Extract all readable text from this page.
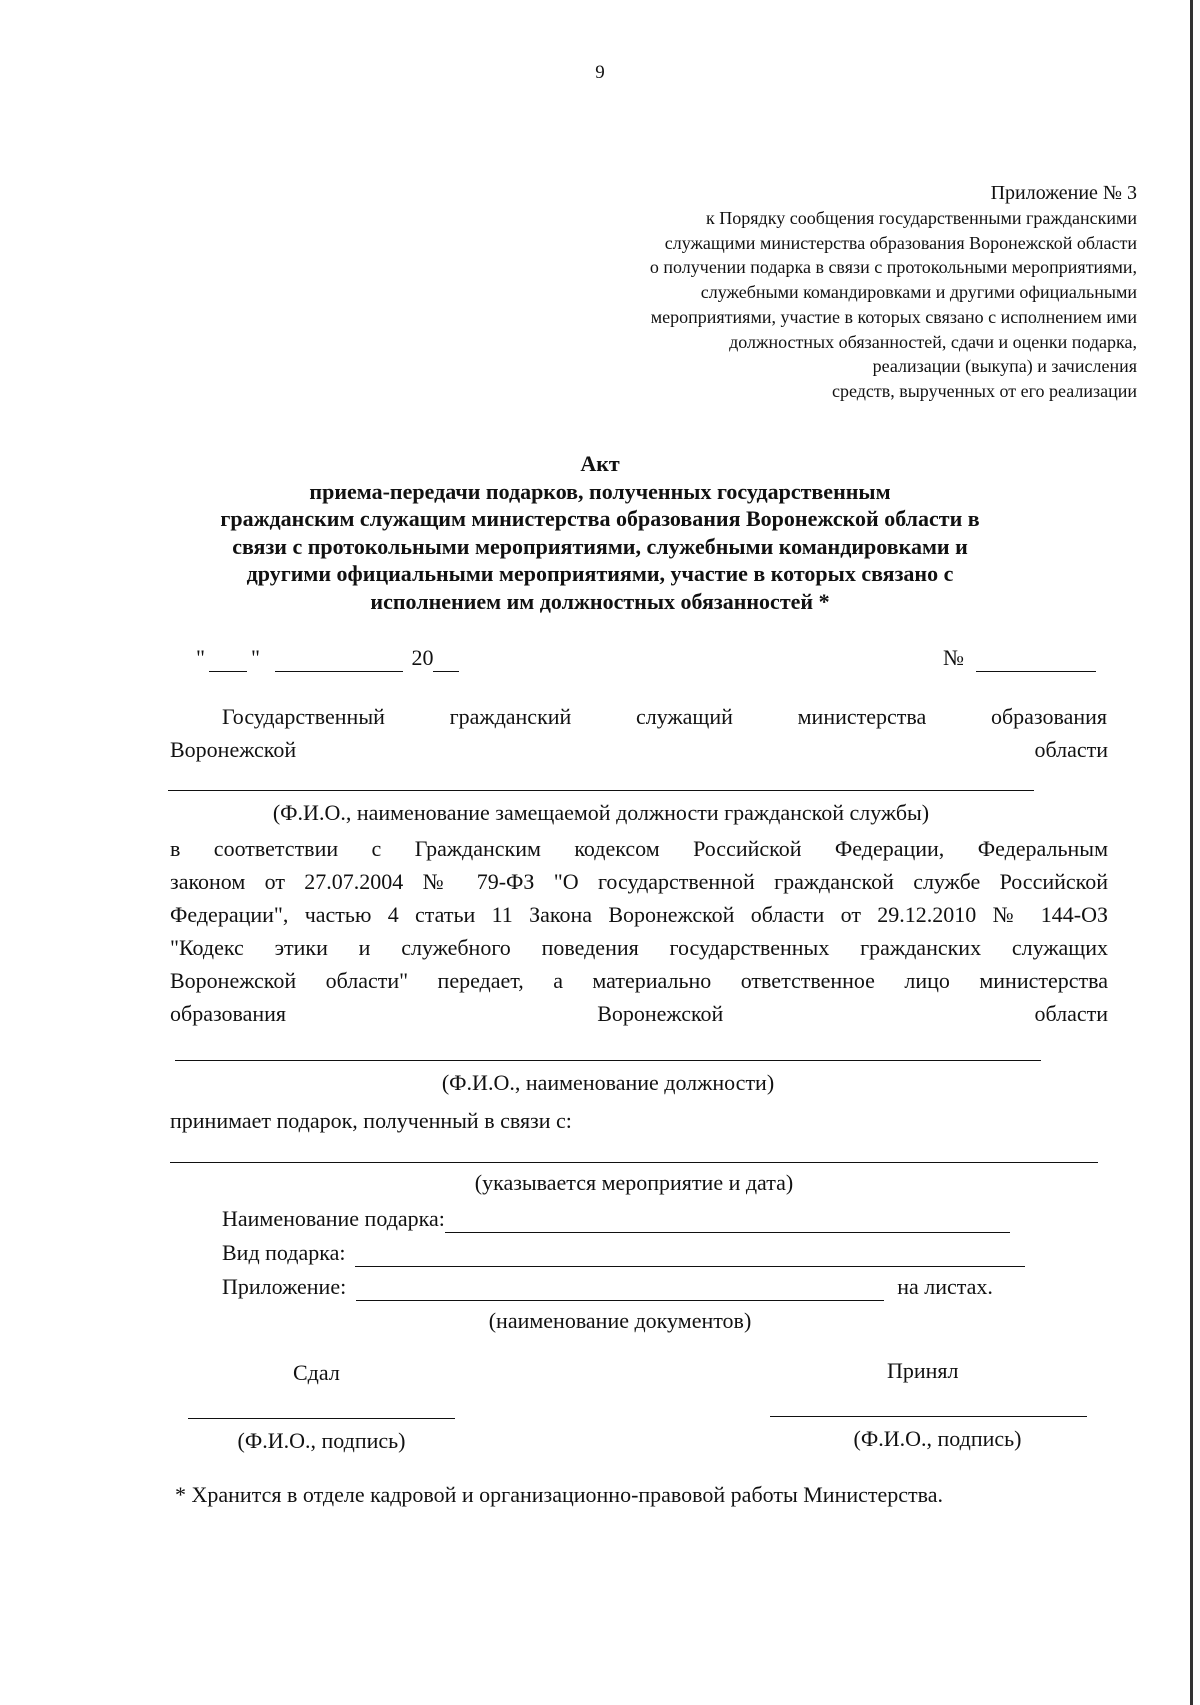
9
Приложение № 3
к Порядку сообщения государственными гражданскими
служащими министерства образования Воронежской области
о получении подарка в связи с протокольными мероприятиями,
служебными командировками и другими официальными
мероприятиями, участие в которых связано с исполнением ими
должностных обязанностей, сдачи и оценки подарка,
реализации (выкупа) и зачисления
средств, вырученных от его реализации
Акт
приема-передачи подарков, полученных государственным
гражданским служащим министерства образования Воронежской области в
связи с протокольными мероприятиями, служебными командировками и
другими официальными мероприятиями, участие в которых связано с
исполнением им должностных обязанностей *
" "	20	№
Государственный гражданский служащий министерства образования
Воронежской области
(Ф.И.О., наименование замещаемой должности гражданской службы)
в соответствии с Гражданским кодексом Российской Федерации, Федеральным
законом от 27.07.2004 № 79-ФЗ "О государственной гражданской службе Российской
Федерации", частью 4 статьи 11 Закона Воронежской области от 29.12.2010 № 144-ОЗ
"Кодекс этики и служебного поведения государственных гражданских служащих
Воронежской области" передает, а материально ответственное лицо министерства
образования Воронежской области
(Ф.И.О., наименование должности)
принимает подарок, полученный в связи с:
(указывается мероприятие и дата)
Наименование подарка:
Вид подарка:
Приложение:	на листах.
(наименование документов)
Сдал	Принял
(Ф.И.О., подпись)	(Ф.И.О., подпись)
* Хранится в отделе кадровой и организационно-правовой работы Министерства.
